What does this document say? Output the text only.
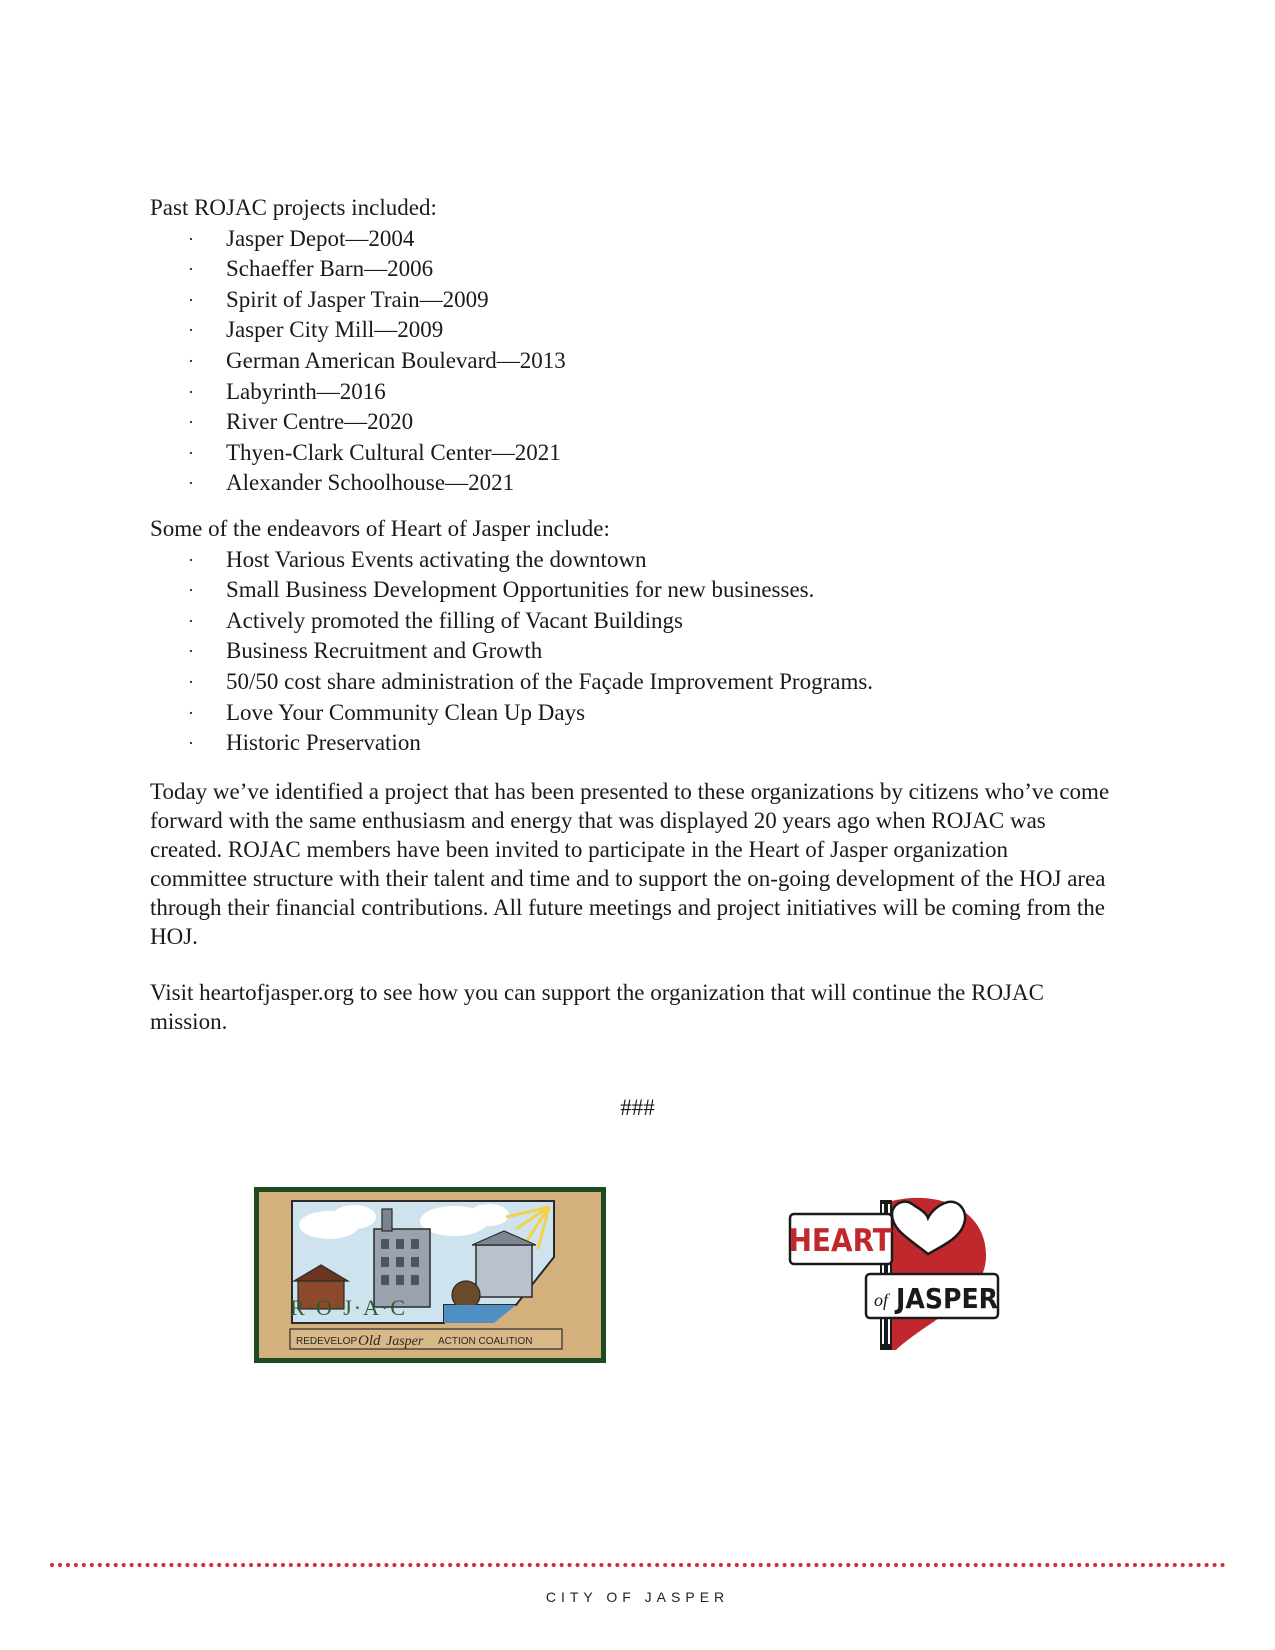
Past ROJAC projects included:

· Jasper Depot—2004
· Schaeffer Barn—2006
· Spirit of Jasper Train—2009
· Jasper City Mill—2009
· German American Boulevard—2013
· Labyrinth—2016
· River Centre—2020
· Thyen-Clark Cultural Center—2021
· Alexander Schoolhouse—2021

Some of the endeavors of Heart of Jasper include:

· Host Various Events activating the downtown
· Small Business Development Opportunities for new businesses.
· Actively promoted the filling of Vacant Buildings
· Business Recruitment and Growth
· 50/50 cost share administration of the Façade Improvement Programs.
· Love Your Community Clean Up Days
· Historic Preservation

Today we’ve identified a project that has been presented to these organizations by citizens who’ve come forward with the same enthusiasm and energy that was displayed 20 years ago when ROJAC was created. ROJAC members have been invited to participate in the Heart of Jasper organization committee structure with their talent and time and to support the on-going development of the HOJ area through their financial contributions. All future meetings and project initiatives will be coming from the HOJ.

Visit heartofjasper.org to see how you can support the organization that will continue the ROJAC mission.

###
R·O·J·A·C
REDEVELOP Old Jasper ACTION COALITION
HEART
of JASPER
CITY OF JASPER
